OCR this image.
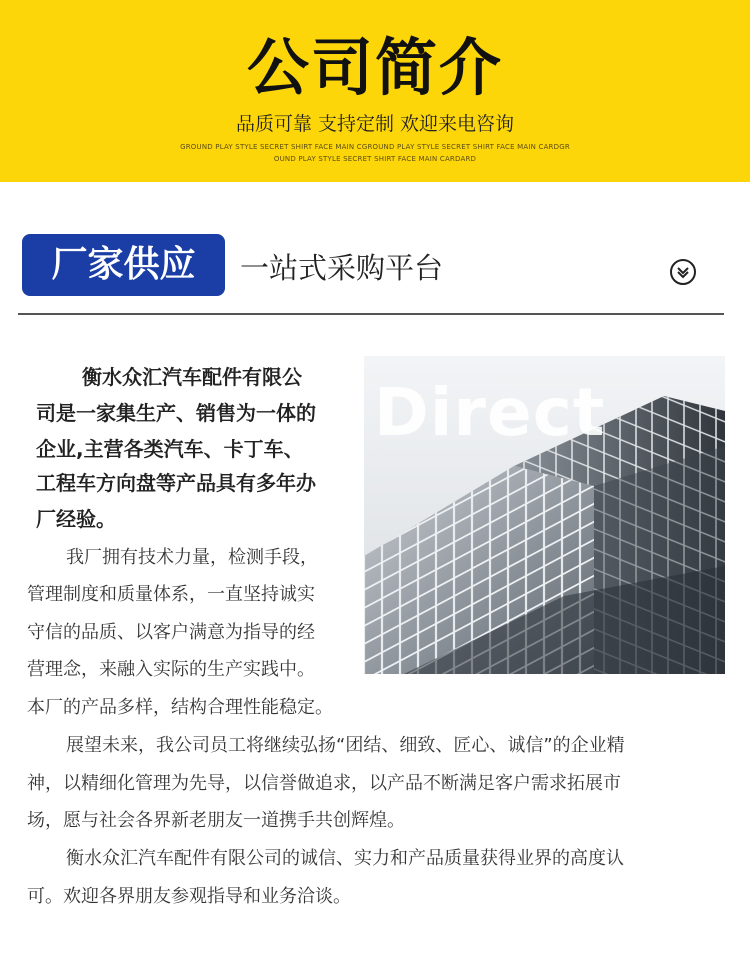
公司简介
品质可靠 支持定制 欢迎来电咨询
GROUND PLAY STYLE SECRET SHIRT FACE MAIN CGROUND PLAY STYLE SECRET SHIRT FACE MAIN CARDGR
OUND PLAY STYLE SECRET SHIRT FACE MAIN CARDARD
厂家供应	一站式采购平台
Direct
衡水众汇汽车配件有限公
司是一家集生产、销售为一体的
企业,主营各类汽车、卡丁车、
工程车方向盘等产品具有多年办
厂经验。
我厂拥有技术力量，检测手段，
管理制度和质量体系，一直坚持诚实
守信的品质、以客户满意为指导的经
营理念，来融入实际的生产实践中。
本厂的产品多样，结构合理性能稳定。
展望未来，我公司员工将继续弘扬“团结、细致、匠心、诚信”的企业精
神，以精细化管理为先导，以信誉做追求，以产品不断满足客户需求拓展市
场，愿与社会各界新老朋友一道携手共创辉煌。
衡水众汇汽车配件有限公司的诚信、实力和产品质量获得业界的高度认
可。欢迎各界朋友参观指导和业务洽谈。
